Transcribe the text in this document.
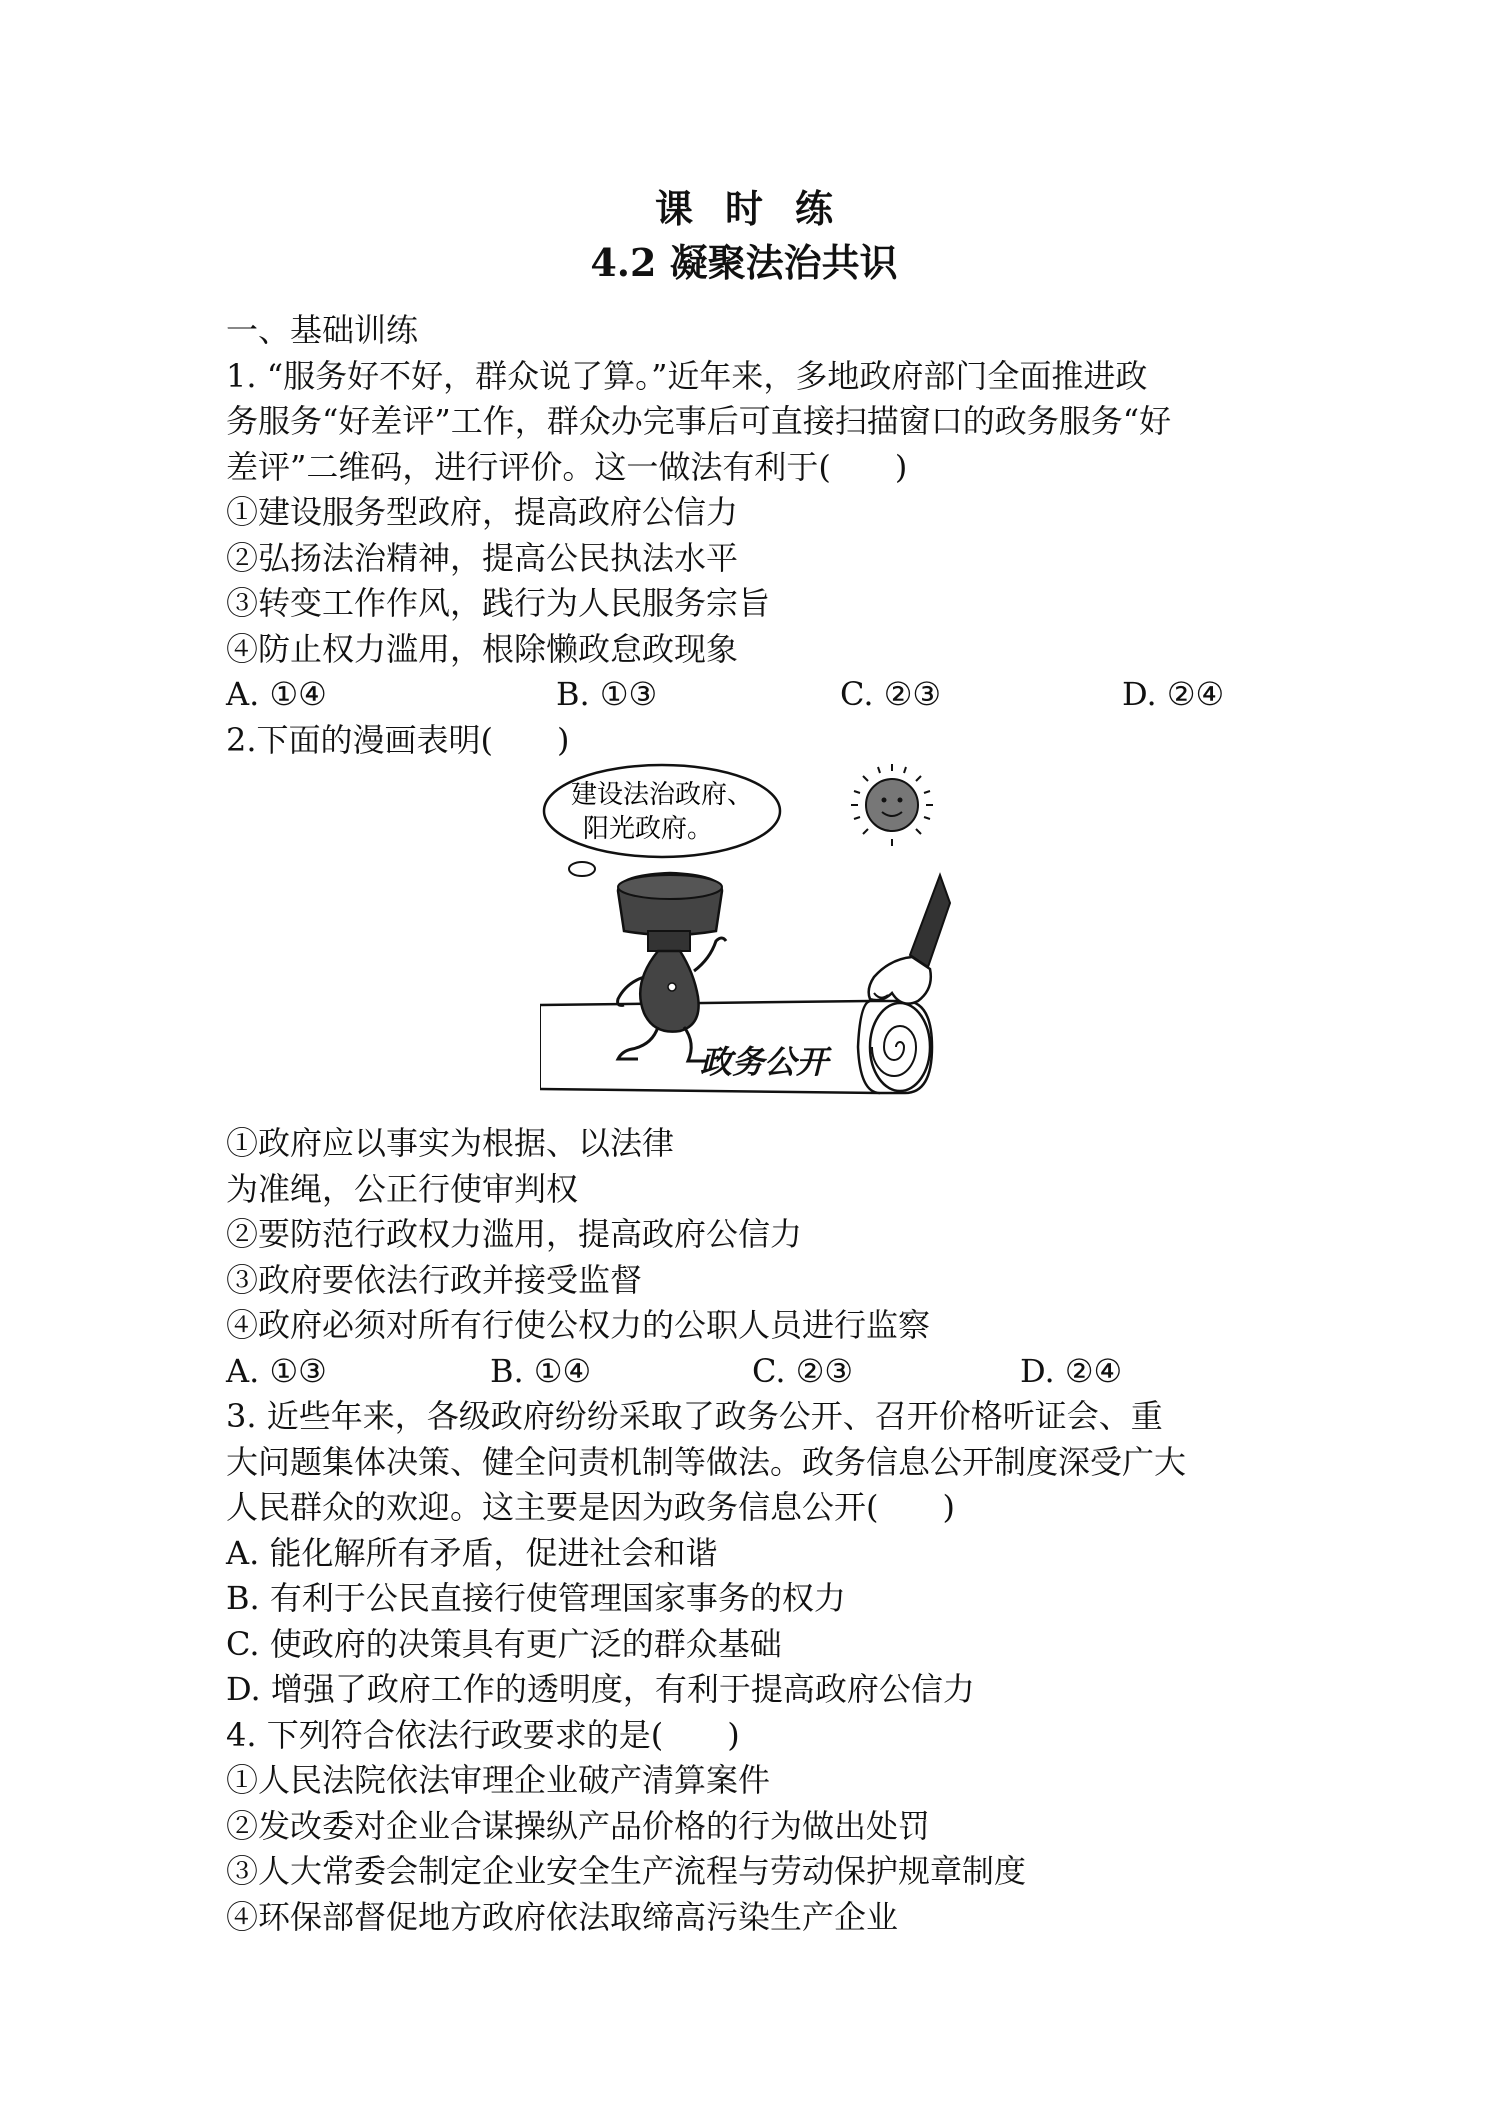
课时练
4.2 凝聚法治共识
一、基础训练
1. “服务好不好，群众说了算。”近年来，多地政府部门全面推进政
务服务“好差评”工作，群众办完事后可直接扫描窗口的政务服务“好
差评”二维码，进行评价。这一做法有利于(　　)
①建设服务型政府，提高政府公信力
②弘扬法治精神，提高公民执法水平
③转变工作作风，践行为人民服务宗旨
④防止权力滥用，根除懒政怠政现象
A. ①④	B. ①③	C. ②③	D. ②④
2.下面的漫画表明(　　)
建设法治政府、
阳光政府。
政务公开
①政府应以事实为根据、以法律
为准绳，公正行使审判权
②要防范行政权力滥用，提高政府公信力
③政府要依法行政并接受监督
④政府必须对所有行使公权力的公职人员进行监察
A. ①③	B. ①④	C. ②③	D. ②④
3. 近些年来，各级政府纷纷采取了政务公开、召开价格听证会、重
大问题集体决策、健全问责机制等做法。政务信息公开制度深受广大
人民群众的欢迎。这主要是因为政务信息公开(　　)
A. 能化解所有矛盾，促进社会和谐
B. 有利于公民直接行使管理国家事务的权力
C. 使政府的决策具有更广泛的群众基础
D. 增强了政府工作的透明度，有利于提高政府公信力
4. 下列符合依法行政要求的是(　　)
①人民法院依法审理企业破产清算案件
②发改委对企业合谋操纵产品价格的行为做出处罚
③人大常委会制定企业安全生产流程与劳动保护规章制度
④环保部督促地方政府依法取缔高污染生产企业
